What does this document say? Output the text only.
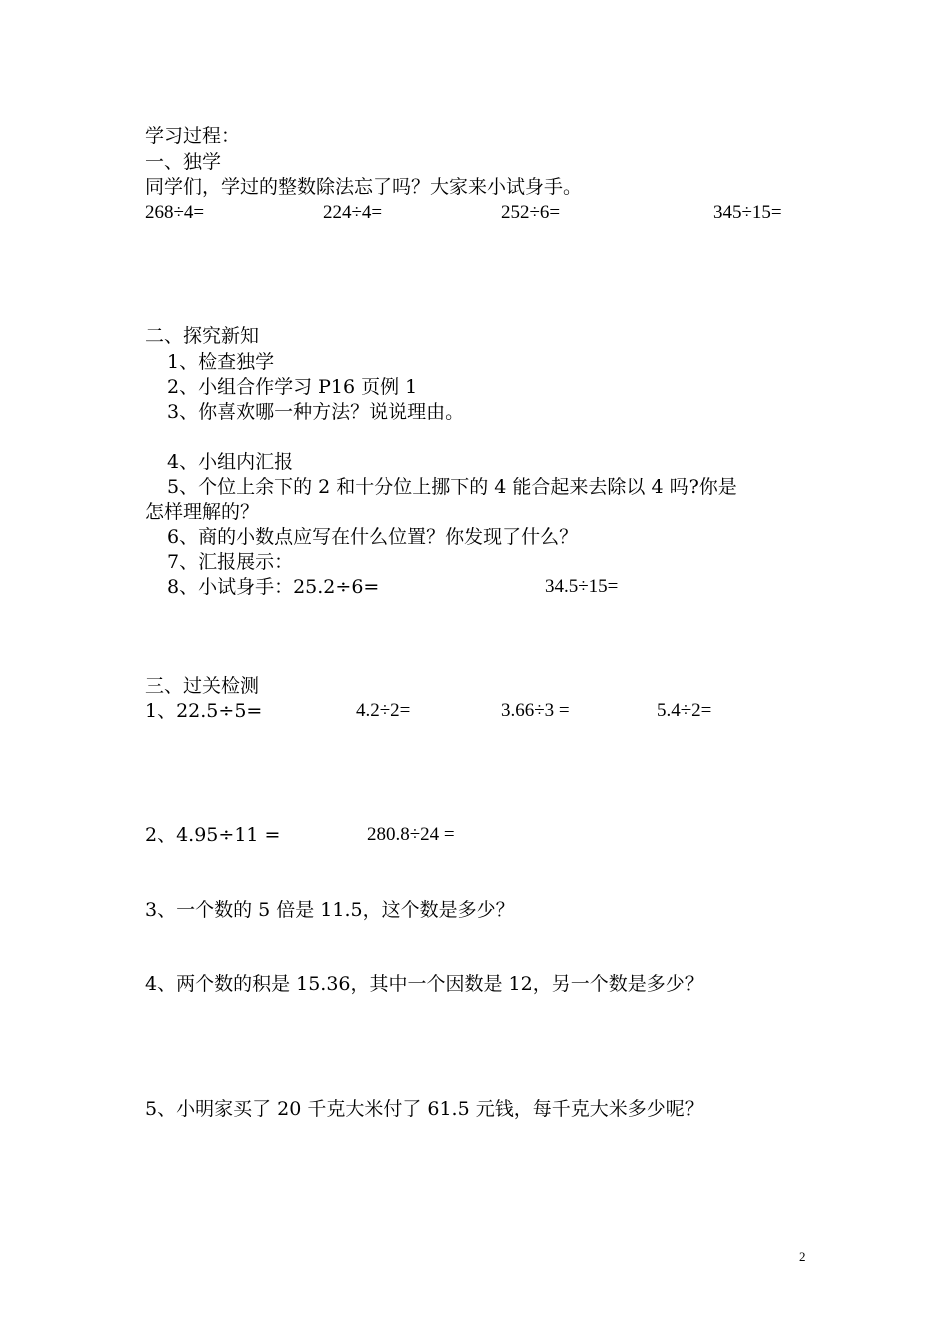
学习过程：
一、独学
同学们，学过的整数除法忘了吗？大家来小试身手。
268÷4=	224÷4=	252÷6=	345÷15=
二、探究新知
1、检查独学
2、小组合作学习 P16 页例 1
3、你喜欢哪一种方法？说说理由。
4、小组内汇报
5、个位上余下的 2 和十分位上挪下的 4 能合起来去除以 4 吗?你是
怎样理解的？
6、商的小数点应写在什么位置？你发现了什么？
7、汇报展示：
8、小试身手：25.2÷6=	34.5÷15=
三、过关检测
1、22.5÷5=	4.2÷2=	3.66÷3 =	5.4÷2=
2、4.95÷11 =	280.8÷24 =
3、一个数的 5 倍是 11.5，这个数是多少？
4、两个数的积是 15.36，其中一个因数是 12，另一个数是多少？
5、小明家买了 20 千克大米付了 61.5 元钱，每千克大米多少呢？
2
